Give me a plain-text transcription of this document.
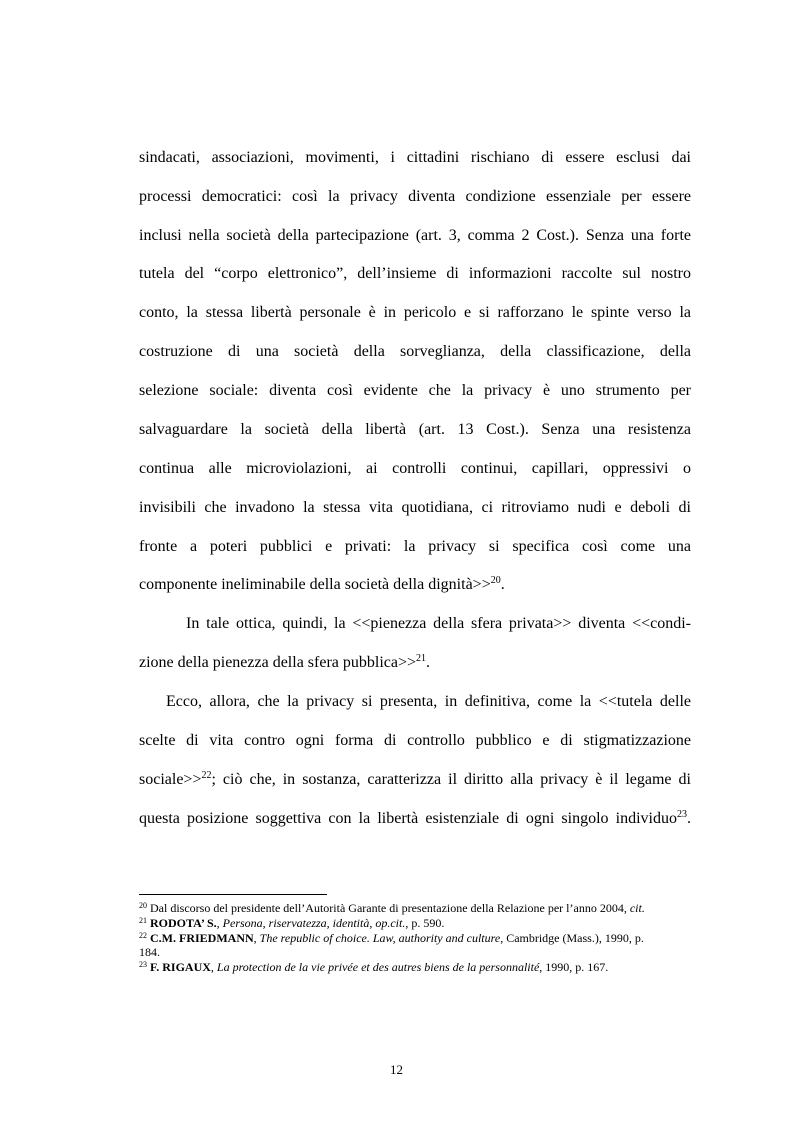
sindacati, associazioni, movimenti, i cittadini rischiano di essere esclusi dai
processi democratici: così la privacy diventa condizione essenziale per essere
inclusi nella società della partecipazione (art. 3, comma 2 Cost.). Senza una forte
tutela del “corpo elettronico”, dell’insieme di informazioni raccolte sul nostro
conto, la stessa libertà personale è in pericolo e si rafforzano le spinte verso la
costruzione di una società della sorveglianza, della classificazione, della
selezione sociale: diventa così evidente che la privacy è uno strumento per
salvaguardare la società della libertà (art. 13 Cost.). Senza una resistenza
continua alle microviolazioni, ai controlli continui, capillari, oppressivi o
invisibili che invadono la stessa vita quotidiana, ci ritroviamo nudi e deboli di
fronte a poteri pubblici e privati: la privacy si specifica così come una
componente ineliminabile della società della dignità>>$^{20}$.
In tale ottica, quindi, la <<pienezza della sfera privata>> diventa <<condi-
zione della pienezza della sfera pubblica>>$^{21}$.
Ecco, allora, che la privacy si presenta, in definitiva, come la <<tutela delle
scelte di vita contro ogni forma di controllo pubblico e di stigmatizzazione
sociale>>$^{22}$; ciò che, in sostanza, caratterizza il diritto alla privacy è il legame di
questa posizione soggettiva con la libertà esistenziale di ogni singolo individuo$^{23}$.
$^{20}$ Dal discorso del presidente dell’Autorità Garante di presentazione della Relazione per l’anno 2004, cit.
$^{21}$ RODOTA’ S., Persona, riservatezza, identità, op.cit., p. 590.
$^{22}$ C.M. FRIEDMANN, The republic of choice. Law, authority and culture, Cambridge (Mass.), 1990, p.
184.
$^{23}$ F. RIGAUX, La protection de la vie privée et des autres biens de la personnalité, 1990, p. 167.
12
